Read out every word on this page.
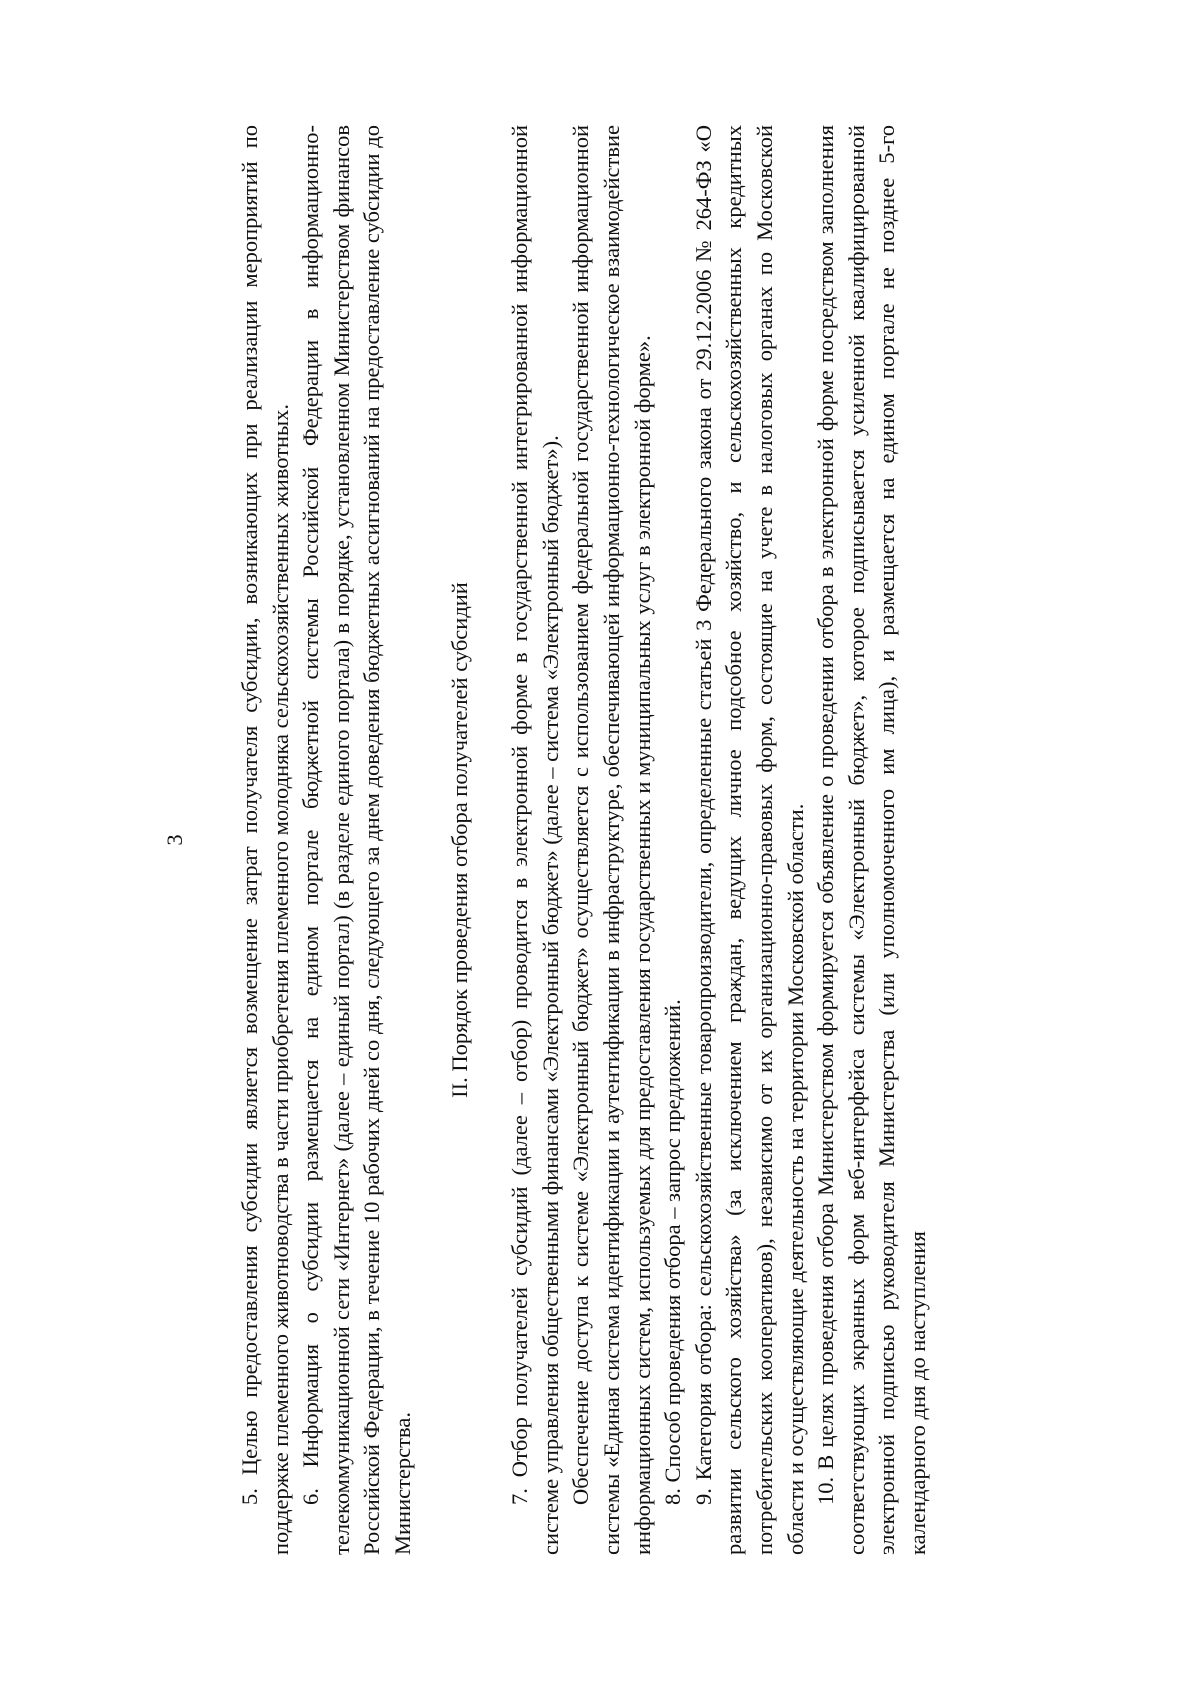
3	5. Целью предоставления субсидии является возмещение затрат получателя субсидии, возникающих при реализации мероприятий по поддержке племенного животноводства в части приобретения племенного молодняка сельскохозяйственных животных. 6. Информация о субсидии размещается на едином портале бюджетной системы Российской Федерации в информационно-телекоммуникационной сети «Интернет» (далее – единый портал) (в разделе единого портала) в порядке, установленном Министерством финансов Российской Федерации, в течение 10 рабочих дней со дня, следующего за днем доведения бюджетных ассигнований на предоставление субсидии до Министерства.

II. Порядок проведения отбора получателей субсидий 7. Отбор получателей субсидий (далее – отбор) проводится в электронной форме в государственной интегрированной информационной системе управления общественными финансами «Электронный бюджет» (далее – система «Электронный бюджет»). Обеспечение доступа к системе «Электронный бюджет» осуществляется с использованием федеральной государственной информационной системы «Единая система идентификации и аутентификации в инфраструктуре, обеспечивающей информационно-технологическое взаимодействие информационных систем, используемых для предоставления государственных и муниципальных услуг в электронной форме». 8. Способ проведения отбора – запрос предложений. 9. Категория отбора: сельскохозяйственные товаропроизводители, определенные статьей 3 Федерального закона от 29.12.2006 № 264-ФЗ «О развитии сельского хозяйства» (за исключением граждан, ведущих личное подсобное хозяйство, и сельскохозяйственных кредитных потребительских кооперативов), независимо от их организационно-правовых форм, состоящие на учете в налоговых органах по Московской области и осуществляющие деятельность на территории Московской области. 10. В целях проведения отбора Министерством формируется объявление о проведении отбора в электронной форме посредством заполнения соответствующих экранных форм веб-интерфейса системы «Электронный бюджет», которое подписывается усиленной квалифицированной электронной подписью руководителя Министерства (или уполномоченного им лица), и размещается на едином портале не позднее 5-го календарного дня до наступления
